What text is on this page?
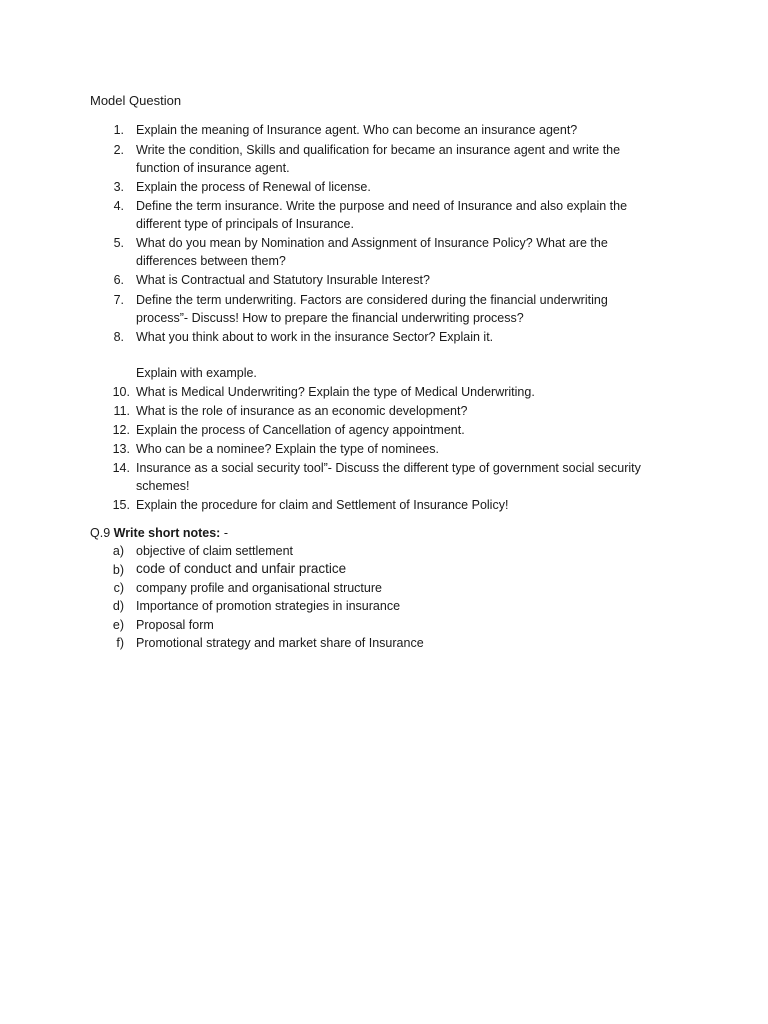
Model Question
1. Explain the meaning of Insurance agent. Who can become an insurance agent?
2. Write the condition, Skills and qualification for became an insurance agent and write the
function of insurance agent.
3. Explain the process of Renewal of license.
4. Define the term insurance. Write the purpose and need of Insurance and also explain the
different type of principals of Insurance.
5. What do you mean by Nomination and Assignment of Insurance Policy? What are the
differences between them?
6. What is Contractual and Statutory Insurable Interest?
7. Define the term underwriting. Factors are considered during the financial underwriting
process”- Discuss! How to prepare the financial underwriting process?
8. What you think about to work in the insurance Sector? Explain it.
Explain with example.
10. What is Medical Underwriting? Explain the type of Medical Underwriting.
11. What is the role of insurance as an economic development?
12. Explain the process of Cancellation of agency appointment.
13. Who can be a nominee? Explain the type of nominees.
14. Insurance as a social security tool”- Discuss the different type of government social security
schemes!
15. Explain the procedure for claim and Settlement of Insurance Policy!
Q.9 Write short notes: -
a) objective of claim settlement
b) code of conduct and unfair practice
c) company profile and organisational structure
d) Importance of promotion strategies in insurance
e) Proposal form
f) Promotional strategy and market share of Insurance
